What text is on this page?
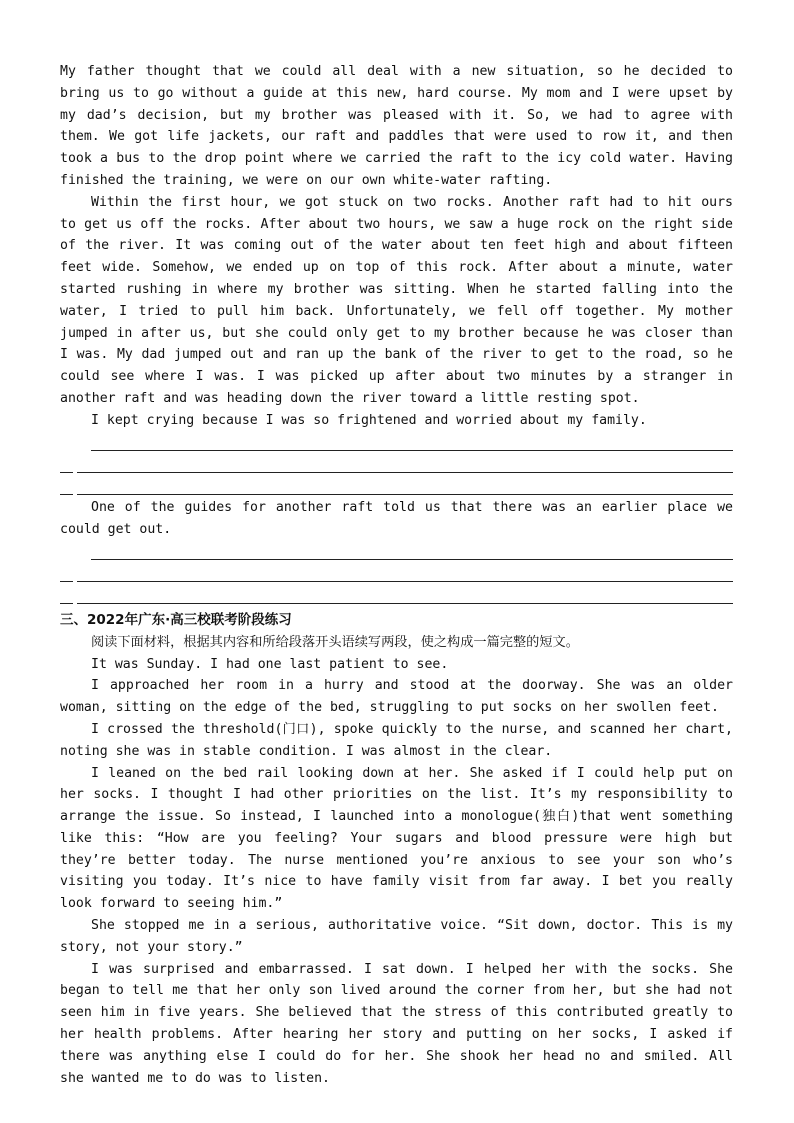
My father thought that we could all deal with a new situation, so he decided to bring us to go without a guide at this new, hard course. My mom and I were upset by my dad’s decision, but my brother was pleased with it. So, we had to agree with them. We got life jackets, our raft and paddles that were used to row it, and then took a bus to the drop point where we carried the raft to the icy cold water. Having finished the training, we were on our own white-water rafting.

Within the first hour, we got stuck on two rocks. Another raft had to hit ours to get us off the rocks. After about two hours, we saw a huge rock on the right side of the river. It was coming out of the water about ten feet high and about fifteen feet wide. Somehow, we ended up on top of this rock. After about a minute, water started rushing in where my brother was sitting. When he started falling into the water, I tried to pull him back. Unfortunately, we fell off together. My mother jumped in after us, but she could only get to my brother because he was closer than I was. My dad jumped out and ran up the bank of the river to get to the road, so he could see where I was. I was picked up after about two minutes by a stranger in another raft and was heading down the river toward a little resting spot.

I kept crying because I was so frightened and worried about my family.

One of the guides for another raft told us that there was an earlier place we could get out.

三、2022年广东·高三校联考阶段练习
阅读下面材料，根据其内容和所给段落开头语续写两段，使之构成一篇完整的短文。

It was Sunday. I had one last patient to see.

I approached her room in a hurry and stood at the doorway. She was an older woman, sitting on the edge of the bed, struggling to put socks on her swollen feet.

I crossed the threshold(门口), spoke quickly to the nurse, and scanned her chart, noting she was in stable condition. I was almost in the clear.

I leaned on the bed rail looking down at her. She asked if I could help put on her socks. I thought I had other priorities on the list. It’s my responsibility to arrange the issue. So instead, I launched into a monologue(独白)that went something like this: “How are you feeling? Your sugars and blood pressure were high but they’re better today. The nurse mentioned you’re anxious to see your son who’s visiting you today. It’s nice to have family visit from far away. I bet you really look forward to seeing him.”

She stopped me in a serious, authoritative voice. “Sit down, doctor. This is my story, not your story.”

I was surprised and embarrassed. I sat down. I helped her with the socks. She began to tell me that her only son lived around the corner from her, but she had not seen him in five years. She believed that the stress of this contributed greatly to her health problems. After hearing her story and putting on her socks, I asked if there was anything else I could do for her. She shook her head no and smiled. All she wanted me to do was to listen.
